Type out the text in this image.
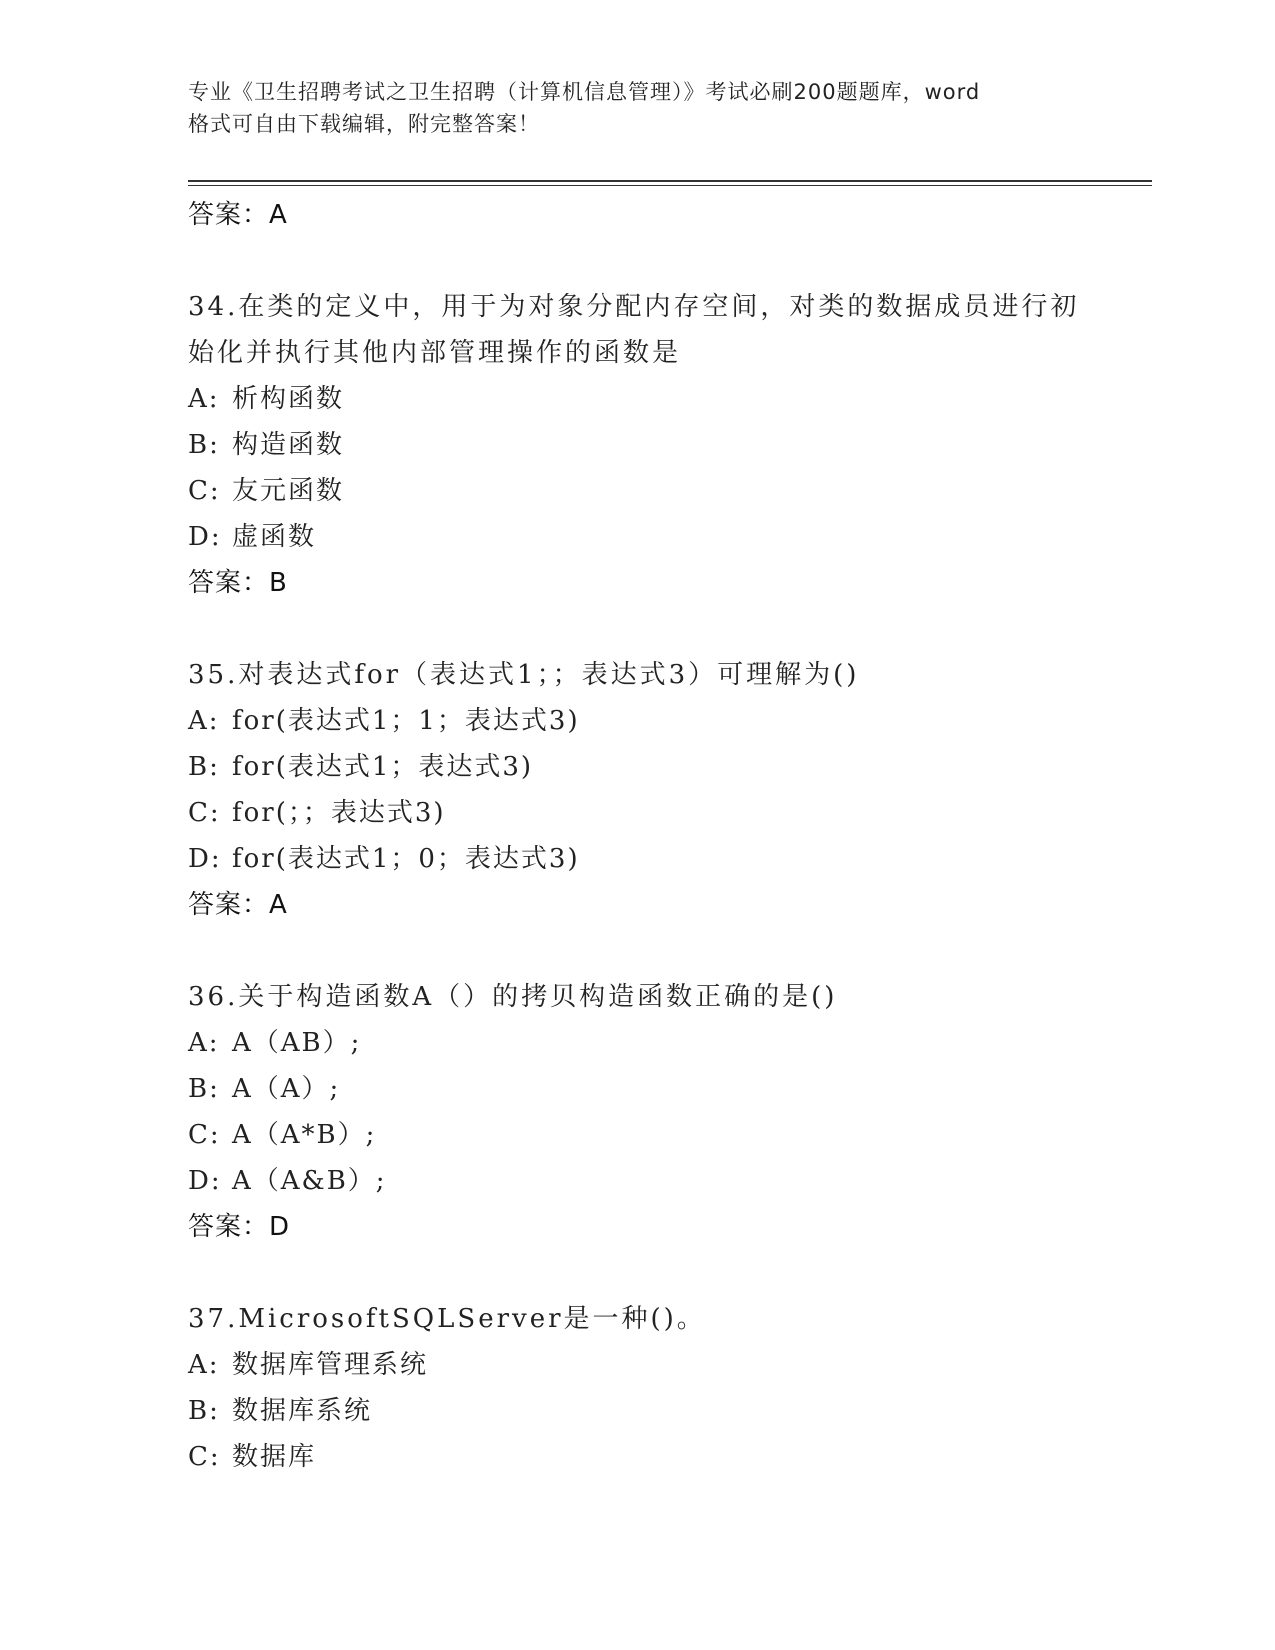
专业《卫生招聘考试之卫生招聘（计算机信息管理）》考试必刷200题题库，word
格式可自由下载编辑，附完整答案！

答案：A

34.在类的定义中，用于为对象分配内存空间，对类的数据成员进行初

始化并执行其他内部管理操作的函数是

A: 析构函数

B: 构造函数

C: 友元函数

D: 虚函数

答案：B

35.对表达式for（表达式1；；表达式3）可理解为()

A: for(表达式1；1；表达式3)

B: for(表达式1；表达式3)

C: for(；；表达式3)

D: for(表达式1；0；表达式3)

答案：A

36.关于构造函数A（）的拷贝构造函数正确的是()

A: A（AB）;

B: A（A）;

C: A（A*B）;

D: A（A&B）;

答案：D

37.MicrosoftSQLServer是一种()。

A: 数据库管理系统

B: 数据库系统

C: 数据库
